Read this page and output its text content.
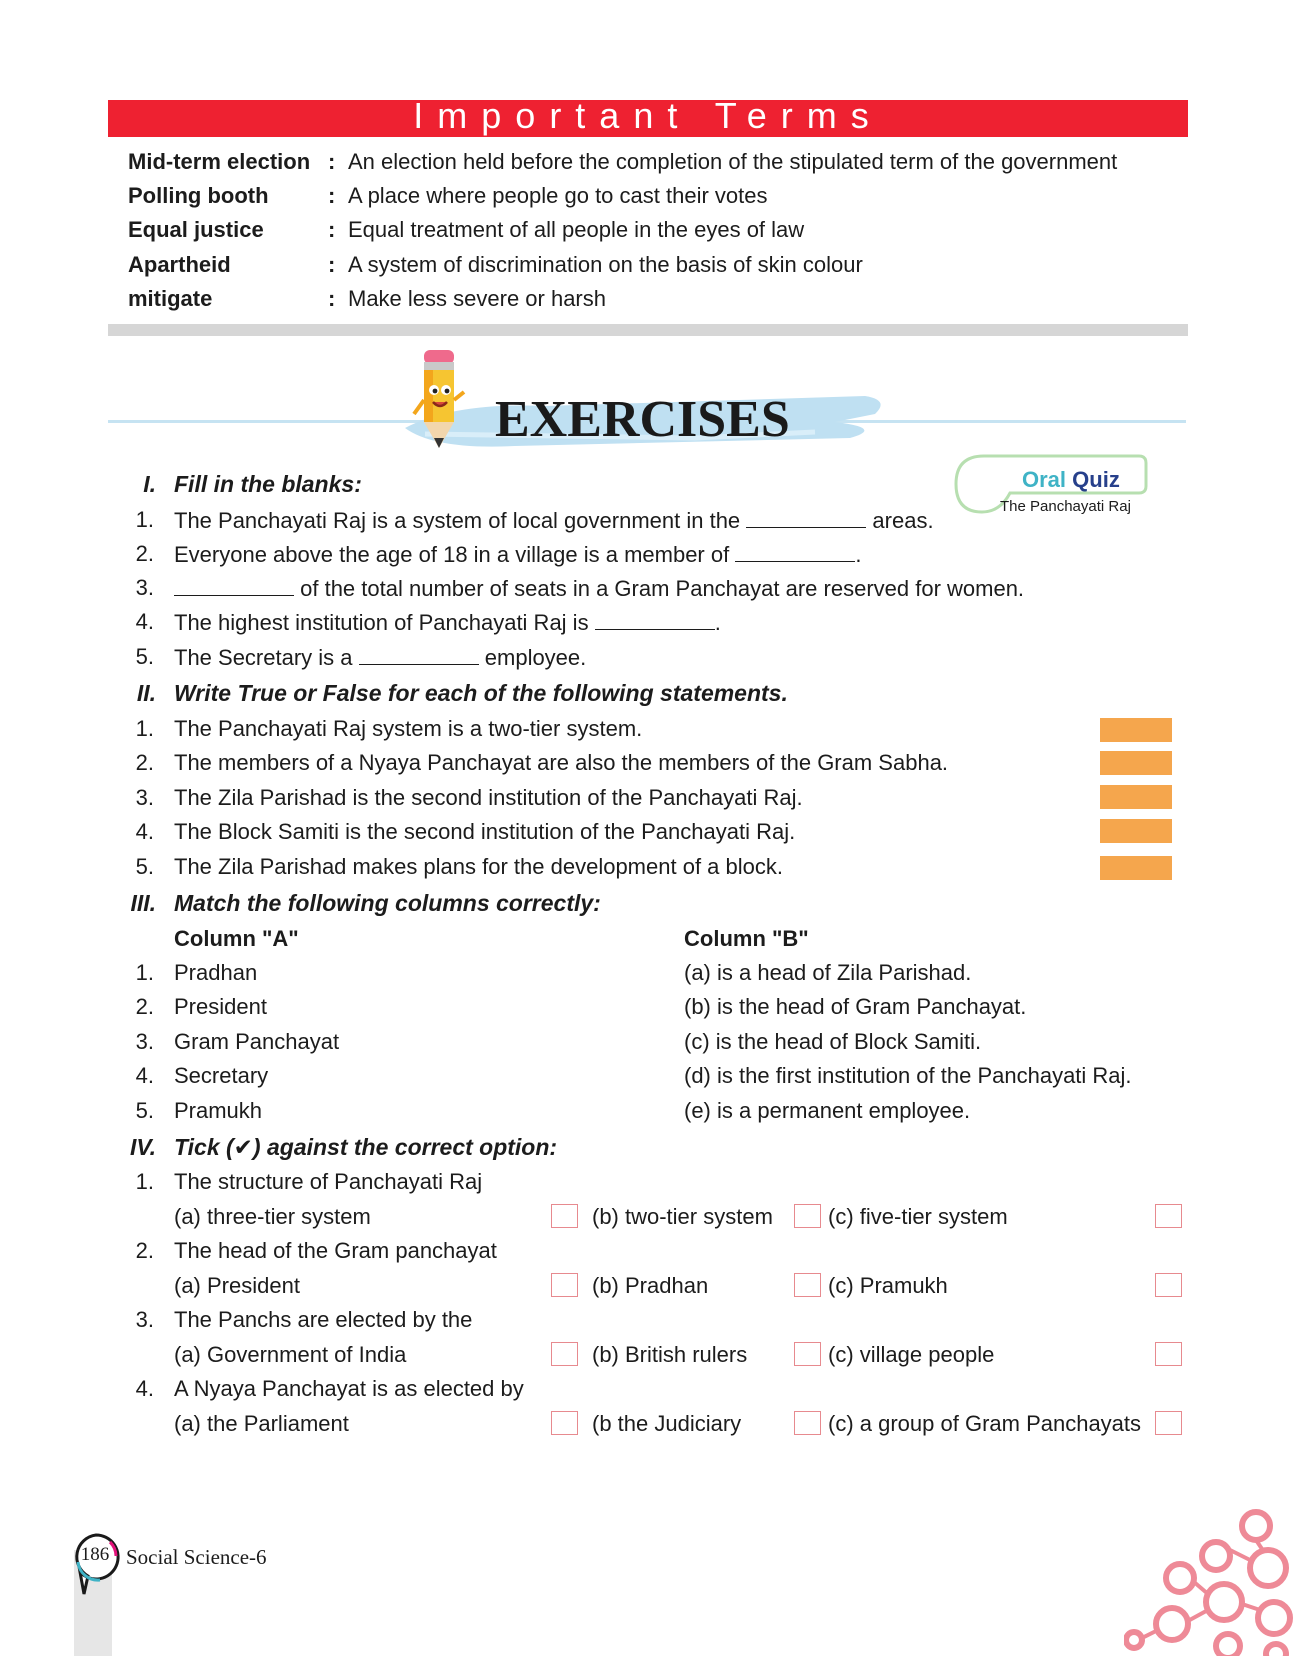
Important Terms
Mid-term election : An election held before the completion of the stipulated term of the government
Polling booth	: A place where people go to cast their votes
Equal justice	: Equal treatment of all people in the eyes of law
Apartheid	: A system of discrimination on the basis of skin colour
mitigate	: Make less severe or harsh
EXERCISES
Oral Quiz
The Panchayati Raj
I. Fill in the blanks:
1. The Panchayati Raj is a system of local government in the	areas.
2. Everyone above the age of 18 in a village is a member of	.
3.	of the total number of seats in a Gram Panchayat are reserved for women.
4. The highest institution of Panchayati Raj is	.
5. The Secretary is a	employee.
II. Write True or False for each of the following statements.
1. The Panchayati Raj system is a two-tier system.
2. The members of a Nyaya Panchayat are also the members of the Gram Sabha.
3. The Zila Parishad is the second institution of the Panchayati Raj.
4. The Block Samiti is the second institution of the Panchayati Raj.
5. The Zila Parishad makes plans for the development of a block.
III. Match the following columns correctly:
Column "A"	Column "B"
1. Pradhan	(a) is a head of Zila Parishad.
2. President	(b) is the head of Gram Panchayat.
3. Gram Panchayat	(c) is the head of Block Samiti.
4. Secretary	(d) is the first institution of the Panchayati Raj.
5. Pramukh	(e) is a permanent employee.
IV. Tick (✔) against the correct option:
1. The structure of Panchayati Raj
(a) three-tier system	(b) two-tier system	(c) five-tier system
2. The head of the Gram panchayat
(a) President	(b) Pradhan	(c) Pramukh
3. The Panchs are elected by the
(a) Government of India	(b) British rulers	(c) village people
4. A Nyaya Panchayat is as elected by
(a) the Parliament	(b the Judiciary	(c) a group of Gram Panchayats
186 Social Science-6
